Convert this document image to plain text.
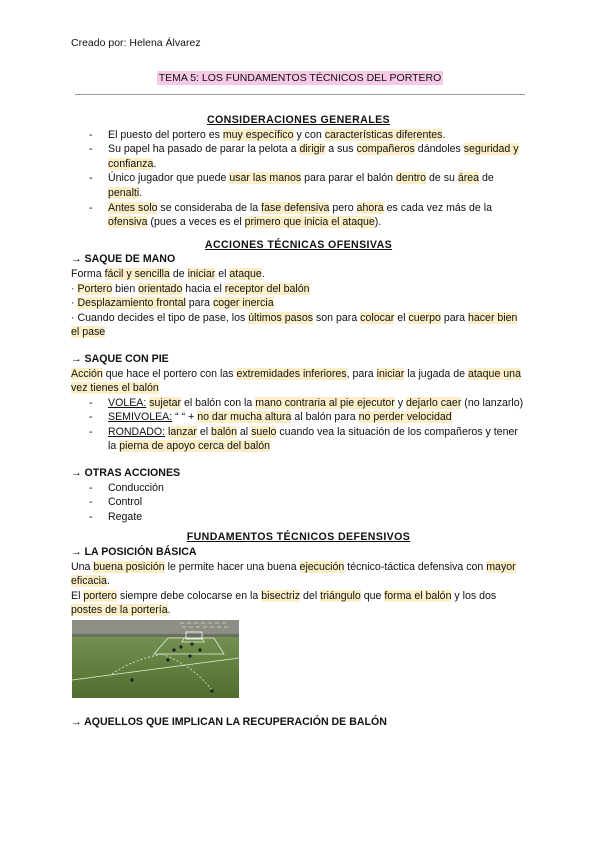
Creado por: Helena Álvarez
TEMA 5: LOS FUNDAMENTOS TÉCNICOS DEL PORTERO

CONSIDERACIONES GENERALES

- El puesto del portero es muy específico y con características diferentes.
- Su papel ha pasado de parar la pelota a dirigir a sus compañeros dándoles seguridad y confianza.
- Único jugador que puede usar las manos para parar el balón dentro de su área de penalti.
- Antes solo se consideraba de la fase defensiva pero ahora es cada vez más de la ofensiva (pues a veces es el primero que inicia el ataque).

ACCIONES TÉCNICAS OFENSIVAS

→ SAQUE DE MANO

Forma fácil y sencilla de iniciar el ataque.

· Portero bien orientado hacia el receptor del balón

· Desplazamiento frontal para coger inercia

· Cuando decides el tipo de pase, los últimos pasos son para colocar el cuerpo para hacer bien el pase

→ SAQUE CON PIE

Acción que hace el portero con las extremidades inferiores, para iniciar la jugada de ataque una vez tienes el balón

- VOLEA: sujetar el balón con la mano contraria al pie ejecutor y dejarlo caer (no lanzarlo)
- SEMIVOLEA: “ “ + no dar mucha altura al balón para no perder velocidad
- RONDADO: lanzar el balón al suelo cuando vea la situación de los compañeros y tener la pierna de apoyo cerca del balón

→ OTRAS ACCIONES

- Conducción
- Control
- Regate

FUNDAMENTOS TÉCNICOS DEFENSIVOS

→ LA POSICIÓN BÁSICA

Una buena posición le permite hacer una buena ejecución técnico-táctica defensiva con mayor eficacia.

El portero siempre debe colocarse en la bisectriz del triángulo que forma el balón y los dos postes de la portería.

→ AQUELLOS QUE IMPLICAN LA RECUPERACIÓN DE BALÓN
